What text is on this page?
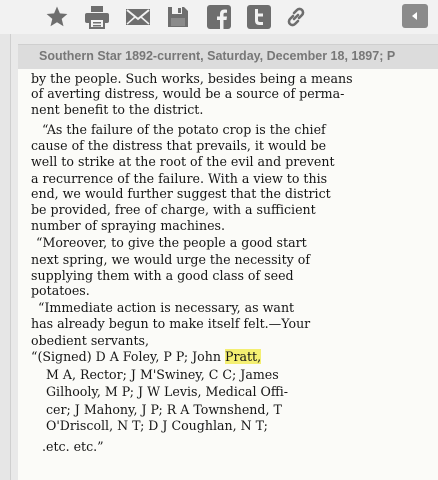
Southern Star 1892-current, Saturday, December 18, 1897; P
by the people. Such works, besides being a means
of averting distress, would be a source of perma-
nent benefit to the district.
“As the failure of the potato crop is the chief
cause of the distress that prevails, it would be
well to strike at the root of the evil and prevent
a recurrence of the failure. With a view to this
end, we would further suggest that the district
be provided, free of charge, with a sufficient
number of spraying machines.
“Moreover, to give the people a good start
next spring, we would urge the necessity of
supplying them with a good class of seed
potatoes.
“Immediate action is necessary, as want
has already begun to make itself felt.—Your
obedient servants,
“(Signed) D A Foley, P P; John Pratt,
M A, Rector; J M'Swiney, C C; James
Gilhooly, M P; J W Levis, Medical Offi-
cer; J Mahony, J P; R A Townshend, T
O'Driscoll, N T; D J Coughlan, N T;
.etc. etc.”
